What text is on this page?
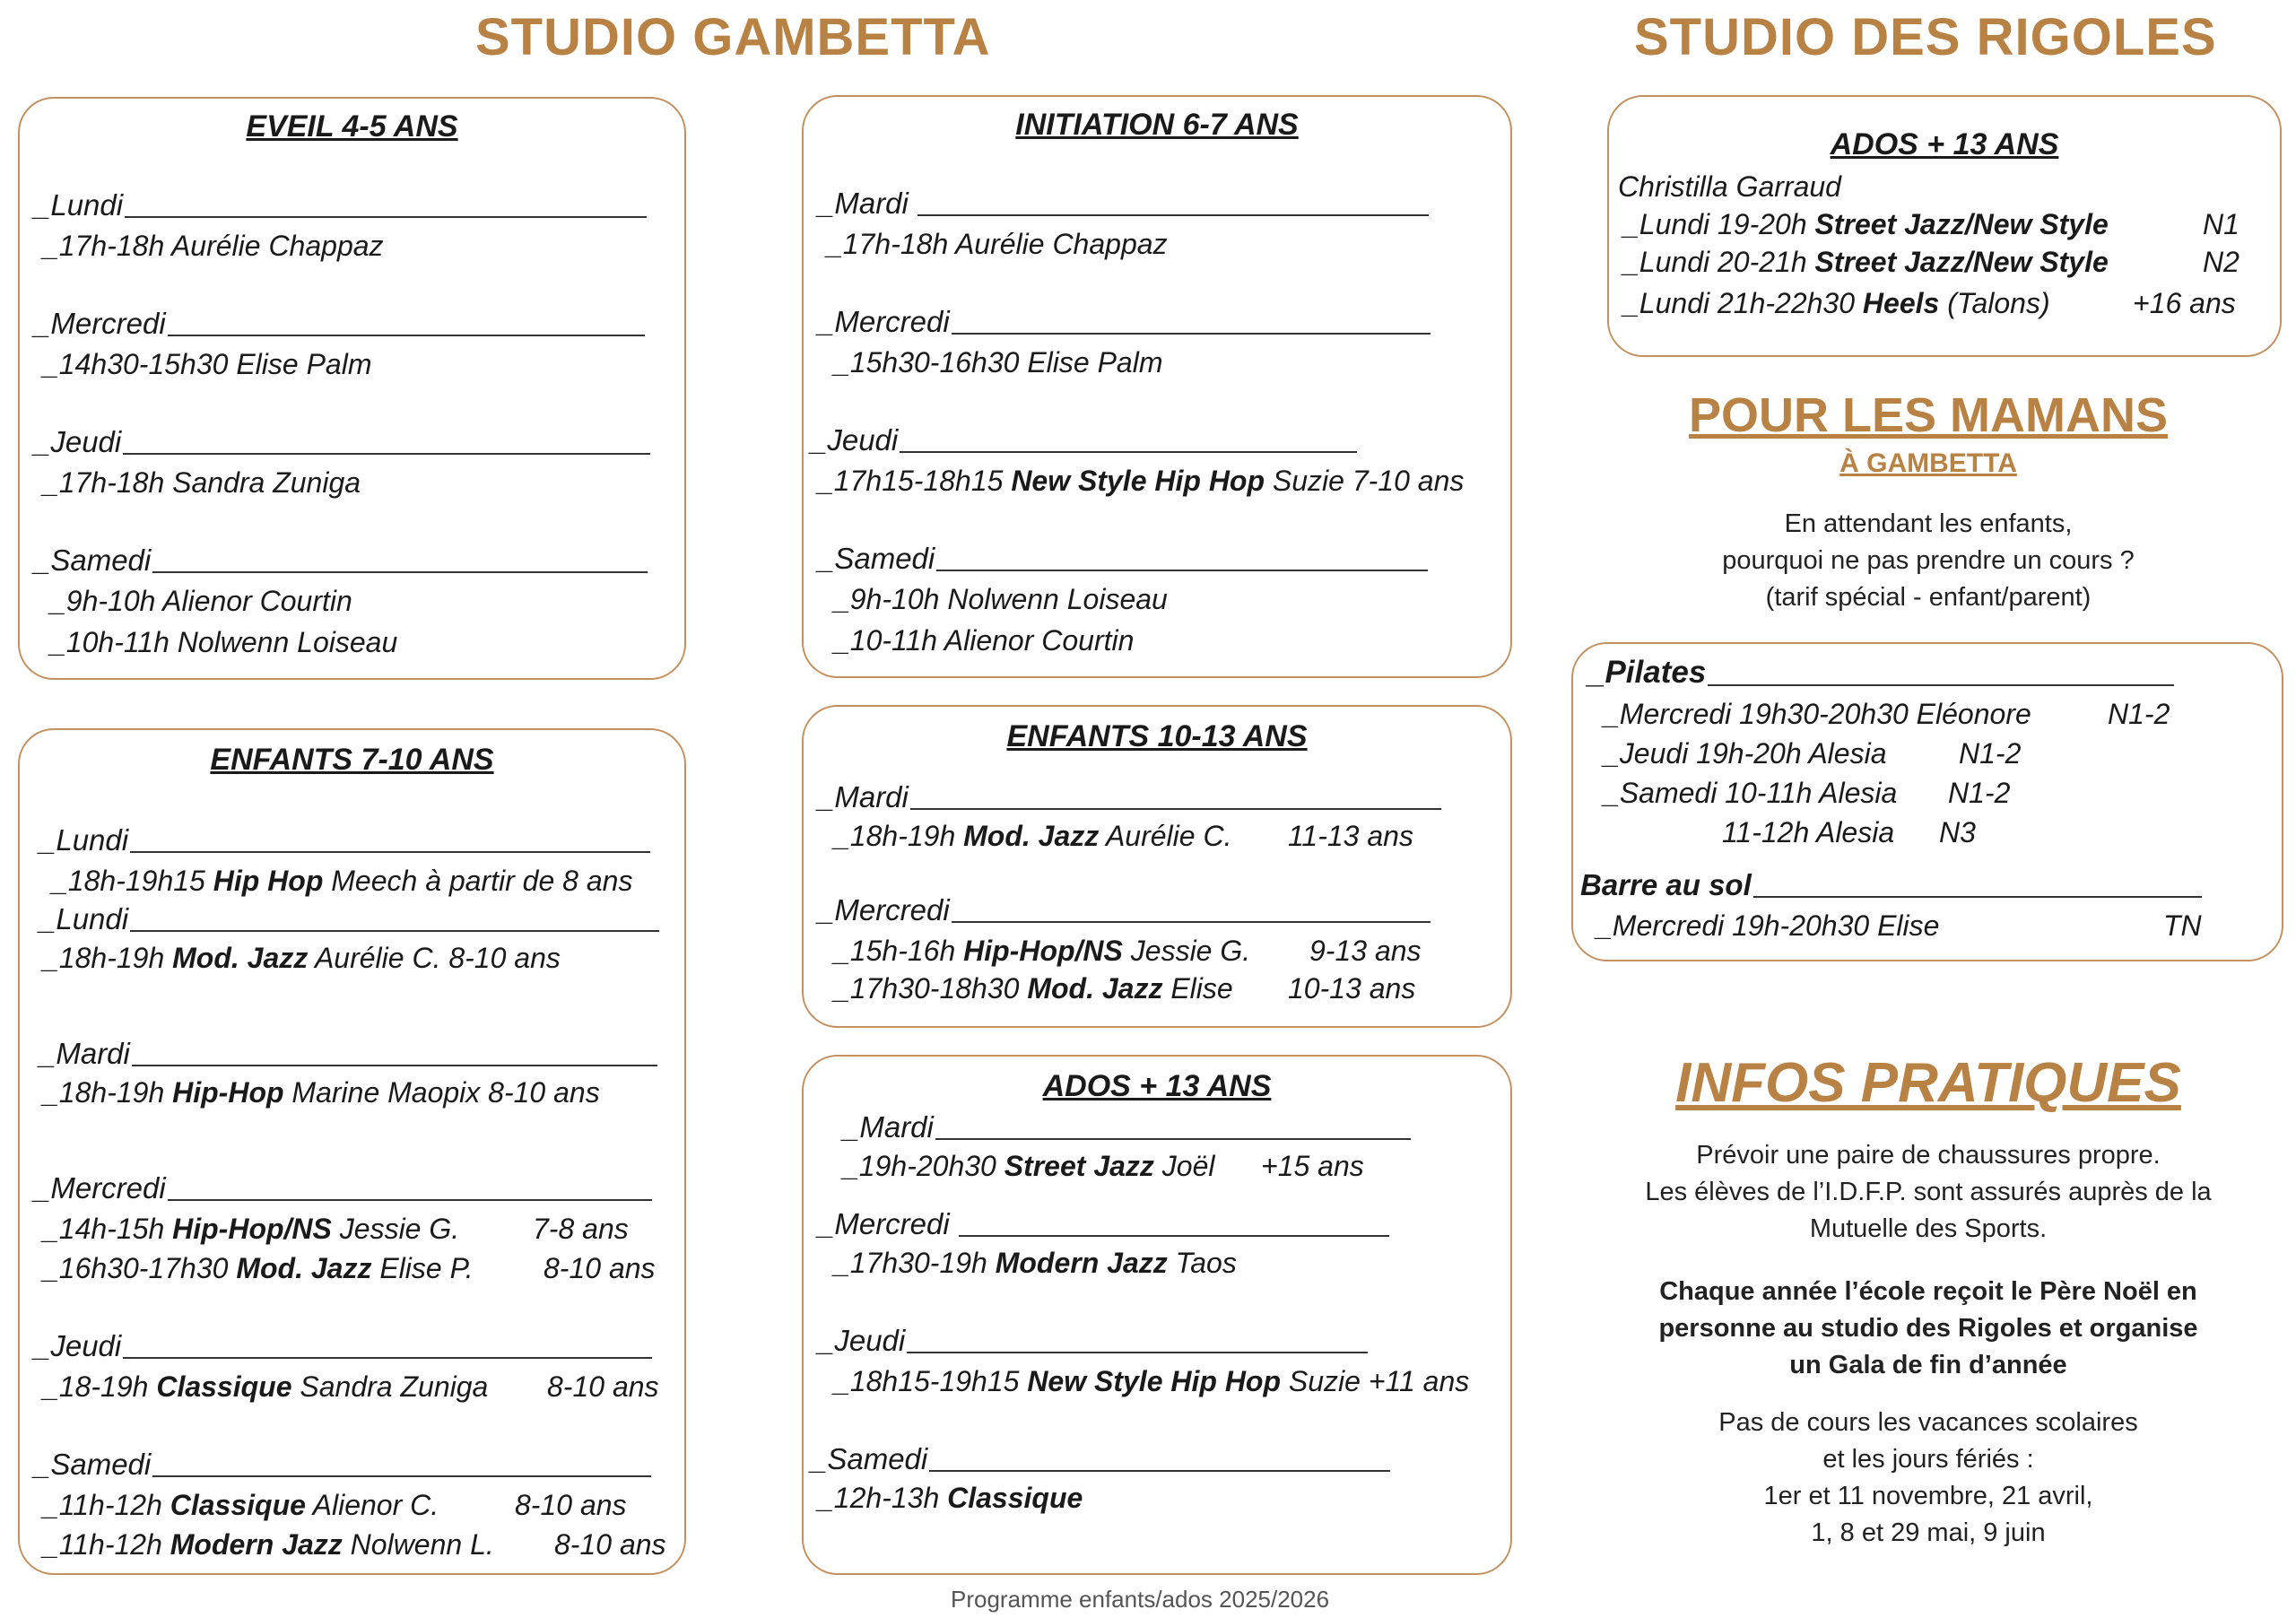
STUDIO GAMBETTA	STUDIO DES RIGOLES
EVEIL 4-5 ANS
_Lundi
_17h-18h Aurélie Chappaz
_Mercredi
_14h30-15h30 Elise Palm
_Jeudi
_17h-18h Sandra Zuniga
_Samedi
_9h-10h Alienor Courtin
_10h-11h Nolwenn Loiseau
INITIATION 6-7 ANS
_Mardi
_17h-18h Aurélie Chappaz
_Mercredi
_15h30-16h30 Elise Palm
_Jeudi
_17h15-18h15 New Style Hip Hop Suzie 7-10 ans
_Samedi
_9h-10h Nolwenn Loiseau
_10-11h Alienor Courtin
ENFANTS 7-10 ANS
_Lundi
_18h-19h15 Hip Hop Meech à partir de 8 ans
_Lundi
_18h-19h Mod. Jazz Aurélie C. 8-10 ans
_Mardi
_18h-19h Hip-Hop Marine Maopix 8-10 ans
_Mercredi
_14h-15h Hip-Hop/NS Jessie G.	7-8 ans
_16h30-17h30 Mod. Jazz Elise P. 8-10 ans
_Jeudi
_18-19h Classique Sandra Zuniga 8-10 ans
_Samedi
_11h-12h Classique Alienor C.	8-10 ans
_11h-12h Modern Jazz Nolwenn L. 8-10 ans
ENFANTS 10-13 ANS
_Mardi
_18h-19h Mod. Jazz Aurélie C. 11-13 ans
_Mercredi
_15h-16h Hip-Hop/NS Jessie G. 9-13 ans
_17h30-18h30 Mod. Jazz Elise 10-13 ans
ADOS + 13 ANS
_Mardi
_19h-20h30 Street Jazz Joël +15 ans
_Mercredi
_17h30-19h Modern Jazz Taos
_Jeudi
_18h15-19h15 New Style Hip Hop Suzie +11 ans
_Samedi
_12h-13h Classique
ADOS + 13 ANS
Christilla Garraud
_Lundi 19-20h Street Jazz/New Style	N1
_Lundi 20-21h Street Jazz/New Style	N2
_Lundi 21h-22h30 Heels (Talons)	+16 ans
POUR LES MAMANS
À GAMBETTA
En attendant les enfants,
pourquoi ne pas prendre un cours ?
(tarif spécial - enfant/parent)
_Pilates
_Mercredi 19h30-20h30 Eléonore	N1-2
_Jeudi 19h-20h Alesia	N1-2
_Samedi 10-11h Alesia N1-2
11-12h Alesia N3
Barre au sol
_Mercredi 19h-20h30 Elise	TN
INFOS PRATIQUES
Prévoir une paire de chaussures propre.
Les élèves de l’I.D.F.P. sont assurés auprès de la
Mutuelle des Sports.
Chaque année l’école reçoit le Père Noël en
personne au studio des Rigoles et organise
un Gala de fin d’année
Pas de cours les vacances scolaires
et les jours fériés :
1er et 11 novembre, 21 avril,
1, 8 et 29 mai, 9 juin
Programme enfants/ados 2025/2026
